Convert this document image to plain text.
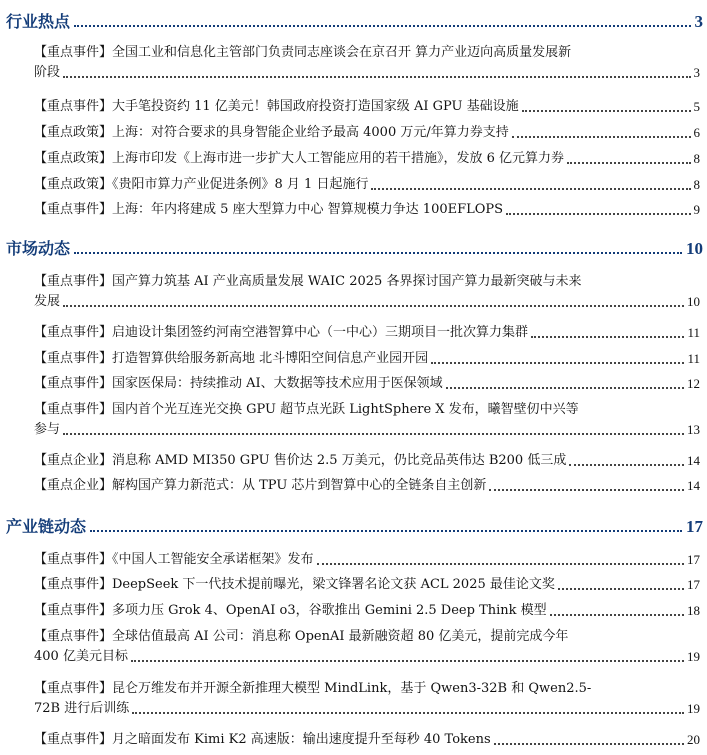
行业热点	3
【重点事件】全国工业和信息化主管部门负责同志座谈会在京召开 算力产业迈向高质量发展新
阶段	3
【重点事件】大手笔投资约 11 亿美元！韩国政府投资打造国家级 AI GPU 基础设施	5
【重点政策】上海：对符合要求的具身智能企业给予最高 4000 万元/年算力券支持	6
【重点政策】上海市印发《上海市进一步扩大人工智能应用的若干措施》，发放 6 亿元算力券	8
【重点政策】《贵阳市算力产业促进条例》8 月 1 日起施行	8
【重点事件】上海：年内将建成 5 座大型算力中心 智算规模力争达 100EFLOPS	9
市场动态	10
【重点事件】国产算力筑基 AI 产业高质量发展 WAIC 2025 各界探讨国产算力最新突破与未来
发展	10
【重点事件】启迪设计集团签约河南空港智算中心（一中心）三期项目一批次算力集群	11
【重点事件】打造智算供给服务新高地 北斗博阳空间信息产业园开园	11
【重点事件】国家医保局：持续推动 AI、大数据等技术应用于医保领域	12
【重点事件】国内首个光互连光交换 GPU 超节点光跃 LightSphere X 发布，曦智壁仞中兴等
参与	13
【重点企业】消息称 AMD MI350 GPU 售价达 2.5 万美元，仍比竞品英伟达 B200 低三成	14
【重点企业】解构国产算力新范式：从 TPU 芯片到智算中心的全链条自主创新	14
产业链动态	17
【重点事件】《中国人工智能安全承诺框架》发布	17
【重点事件】DeepSeek 下一代技术提前曝光，梁文锋署名论文获 ACL 2025 最佳论文奖	17
【重点事件】多项力压 Grok 4、OpenAI o3，谷歌推出 Gemini 2.5 Deep Think 模型	18
【重点事件】全球估值最高 AI 公司：消息称 OpenAI 最新融资超 80 亿美元，提前完成今年
400 亿美元目标	19
【重点事件】昆仑万维发布并开源全新推理大模型 MindLink，基于 Qwen3-32B 和 Qwen2.5-
72B 进行后训练	19
【重点事件】月之暗面发布 Kimi K2 高速版：输出速度提升至每秒 40 Tokens	20
